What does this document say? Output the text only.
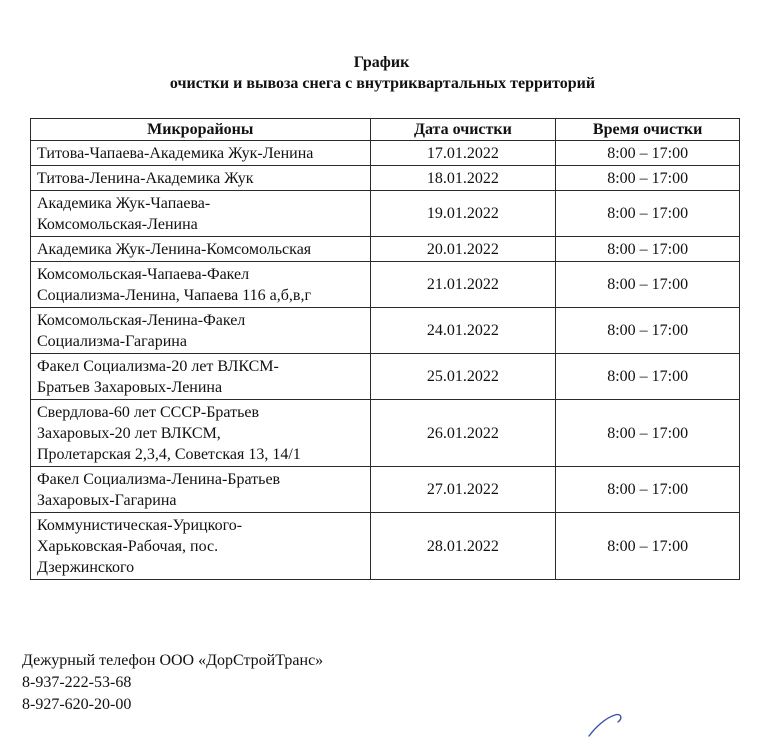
График
очистки и вывоза снега с внутриквартальных территорий
Микрорайоны	Дата очистки	Время очистки
Титова-Чапаева-Академика Жук-Ленина	17.01.2022	8:00 – 17:00
Титова-Ленина-Академика Жук	18.01.2022	8:00 – 17:00
Академика Жук-Чапаева-
Комсомольская-Ленина	19.01.2022	8:00 – 17:00
Академика Жук-Ленина-Комсомольская	20.01.2022	8:00 – 17:00
Комсомольская-Чапаева-Факел
Социализма-Ленина, Чапаева 116 а,б,в,г	21.01.2022	8:00 – 17:00
Комсомольская-Ленина-Факел
Социализма-Гагарина	24.01.2022	8:00 – 17:00
Факел Социализма-20 лет ВЛКСМ-
Братьев Захаровых-Ленина	25.01.2022	8:00 – 17:00
Свердлова-60 лет СССР-Братьев
Захаровых-20 лет ВЛКСМ,
Пролетарская 2,3,4, Советская 13, 14/1	26.01.2022	8:00 – 17:00
Факел Социализма-Ленина-Братьев
Захаровых-Гагарина	27.01.2022	8:00 – 17:00
Коммунистическая-Урицкого-
Харьковская-Рабочая, пос.
Дзержинского	28.01.2022	8:00 – 17:00
Дежурный телефон ООО «ДорСтройТранс»
8-937-222-53-68
8-927-620-20-00
